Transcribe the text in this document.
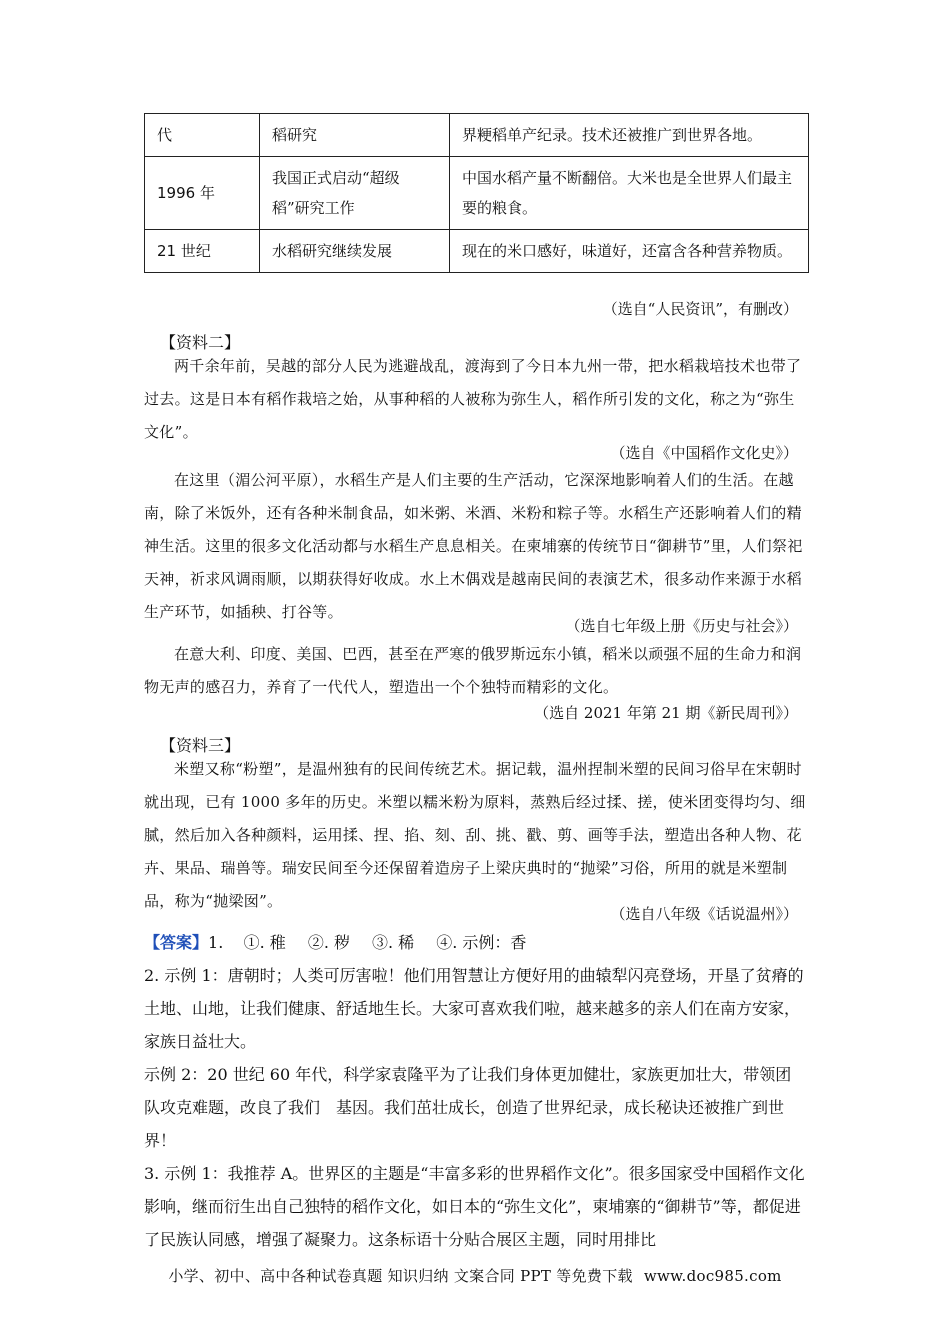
代	稻研究	界粳稻单产纪录。技术还被推广到世界各地。
1996 年	我国正式启动“超级稻”研究工作	中国水稻产量不断翻倍。大米也是全世界人们最主要的粮食。
21 世纪	水稻研究继续发展	现在的米口感好，味道好，还富含各种营养物质。
（选自“人民资讯”，有删改）
【资料二】

两千余年前，吴越的部分人民为逃避战乱，渡海到了今日本九州一带，把水稻栽培技术也带了过去。这是日本有稻作栽培之始，从事种稻的人被称为弥生人，稻作所引发的文化，称之为“弥生文化”。

（选自《中国稻作文化史》）

在这里（湄公河平原），水稻生产是人们主要的生产活动，它深深地影响着人们的生活。在越南，除了米饭外，还有各种米制食品，如米粥、米酒、米粉和粽子等。水稻生产还影响着人们的精神生活。这里的很多文化活动都与水稻生产息息相关。在柬埔寨的传统节日“御耕节”里，人们祭祀天神，祈求风调雨顺，以期获得好收成。水上木偶戏是越南民间的表演艺术，很多动作来源于水稻生产环节，如插秧、打谷等。

（选自七年级上册《历史与社会》）

在意大利、印度、美国、巴西，甚至在严寒的俄罗斯远东小镇，稻米以顽强不屈的生命力和润物无声的感召力，养育了一代代人，塑造出一个个独特而精彩的文化。

（选自 2021 年第 21 期《新民周刊》）
【资料三】

米塑又称“粉塑”，是温州独有的民间传统艺术。据记载，温州捏制米塑的民间习俗早在宋朝时就出现，已有 1000 多年的历史。米塑以糯米粉为原料，蒸熟后经过揉、搓，使米团变得均匀、细腻，然后加入各种颜料，运用揉、捏、掐、刻、刮、挑、戳、剪、画等手法，塑造出各种人物、花卉、果品、瑞兽等。瑞安民间至今还保留着造房子上梁庆典时的“抛梁”习俗，所用的就是米塑制品，称为“抛梁囡”。

（选自八年级《话说温州》）

【答案】1. ①. 稚 ②. 秽 ③. 稀 ④. 示例：香

2. 示例 1：唐朝时；人类可厉害啦！他们用智慧让方便好用的曲辕犁闪亮登场，开垦了贫瘠的土地、山地，让我们健康、舒适地生长。大家可喜欢我们啦，越来越多的亲人们在南方安家，家族日益壮大。

示例 2：20 世纪 60 年代，科学家袁隆平为了让我们身体更加健壮，家族更加壮大，带领团队攻克难题，改良了我们　基因。我们茁壮成长，创造了世界纪录，成长秘诀还被推广到世界！

3. 示例 1：我推荐 A。世界区的主题是“丰富多彩的世界稻作文化”。很多国家受中国稻作文化影响，继而衍生出自己独特的稻作文化，如日本的“弥生文化”，柬埔寨的“御耕节”等，都促进了民族认同感，增强了凝聚力。这条标语十分贴合展区主题，同时用排比

小学、初中、高中各种试卷真题 知识归纳 文案合同 PPT 等免费下载 www.doc985.com
